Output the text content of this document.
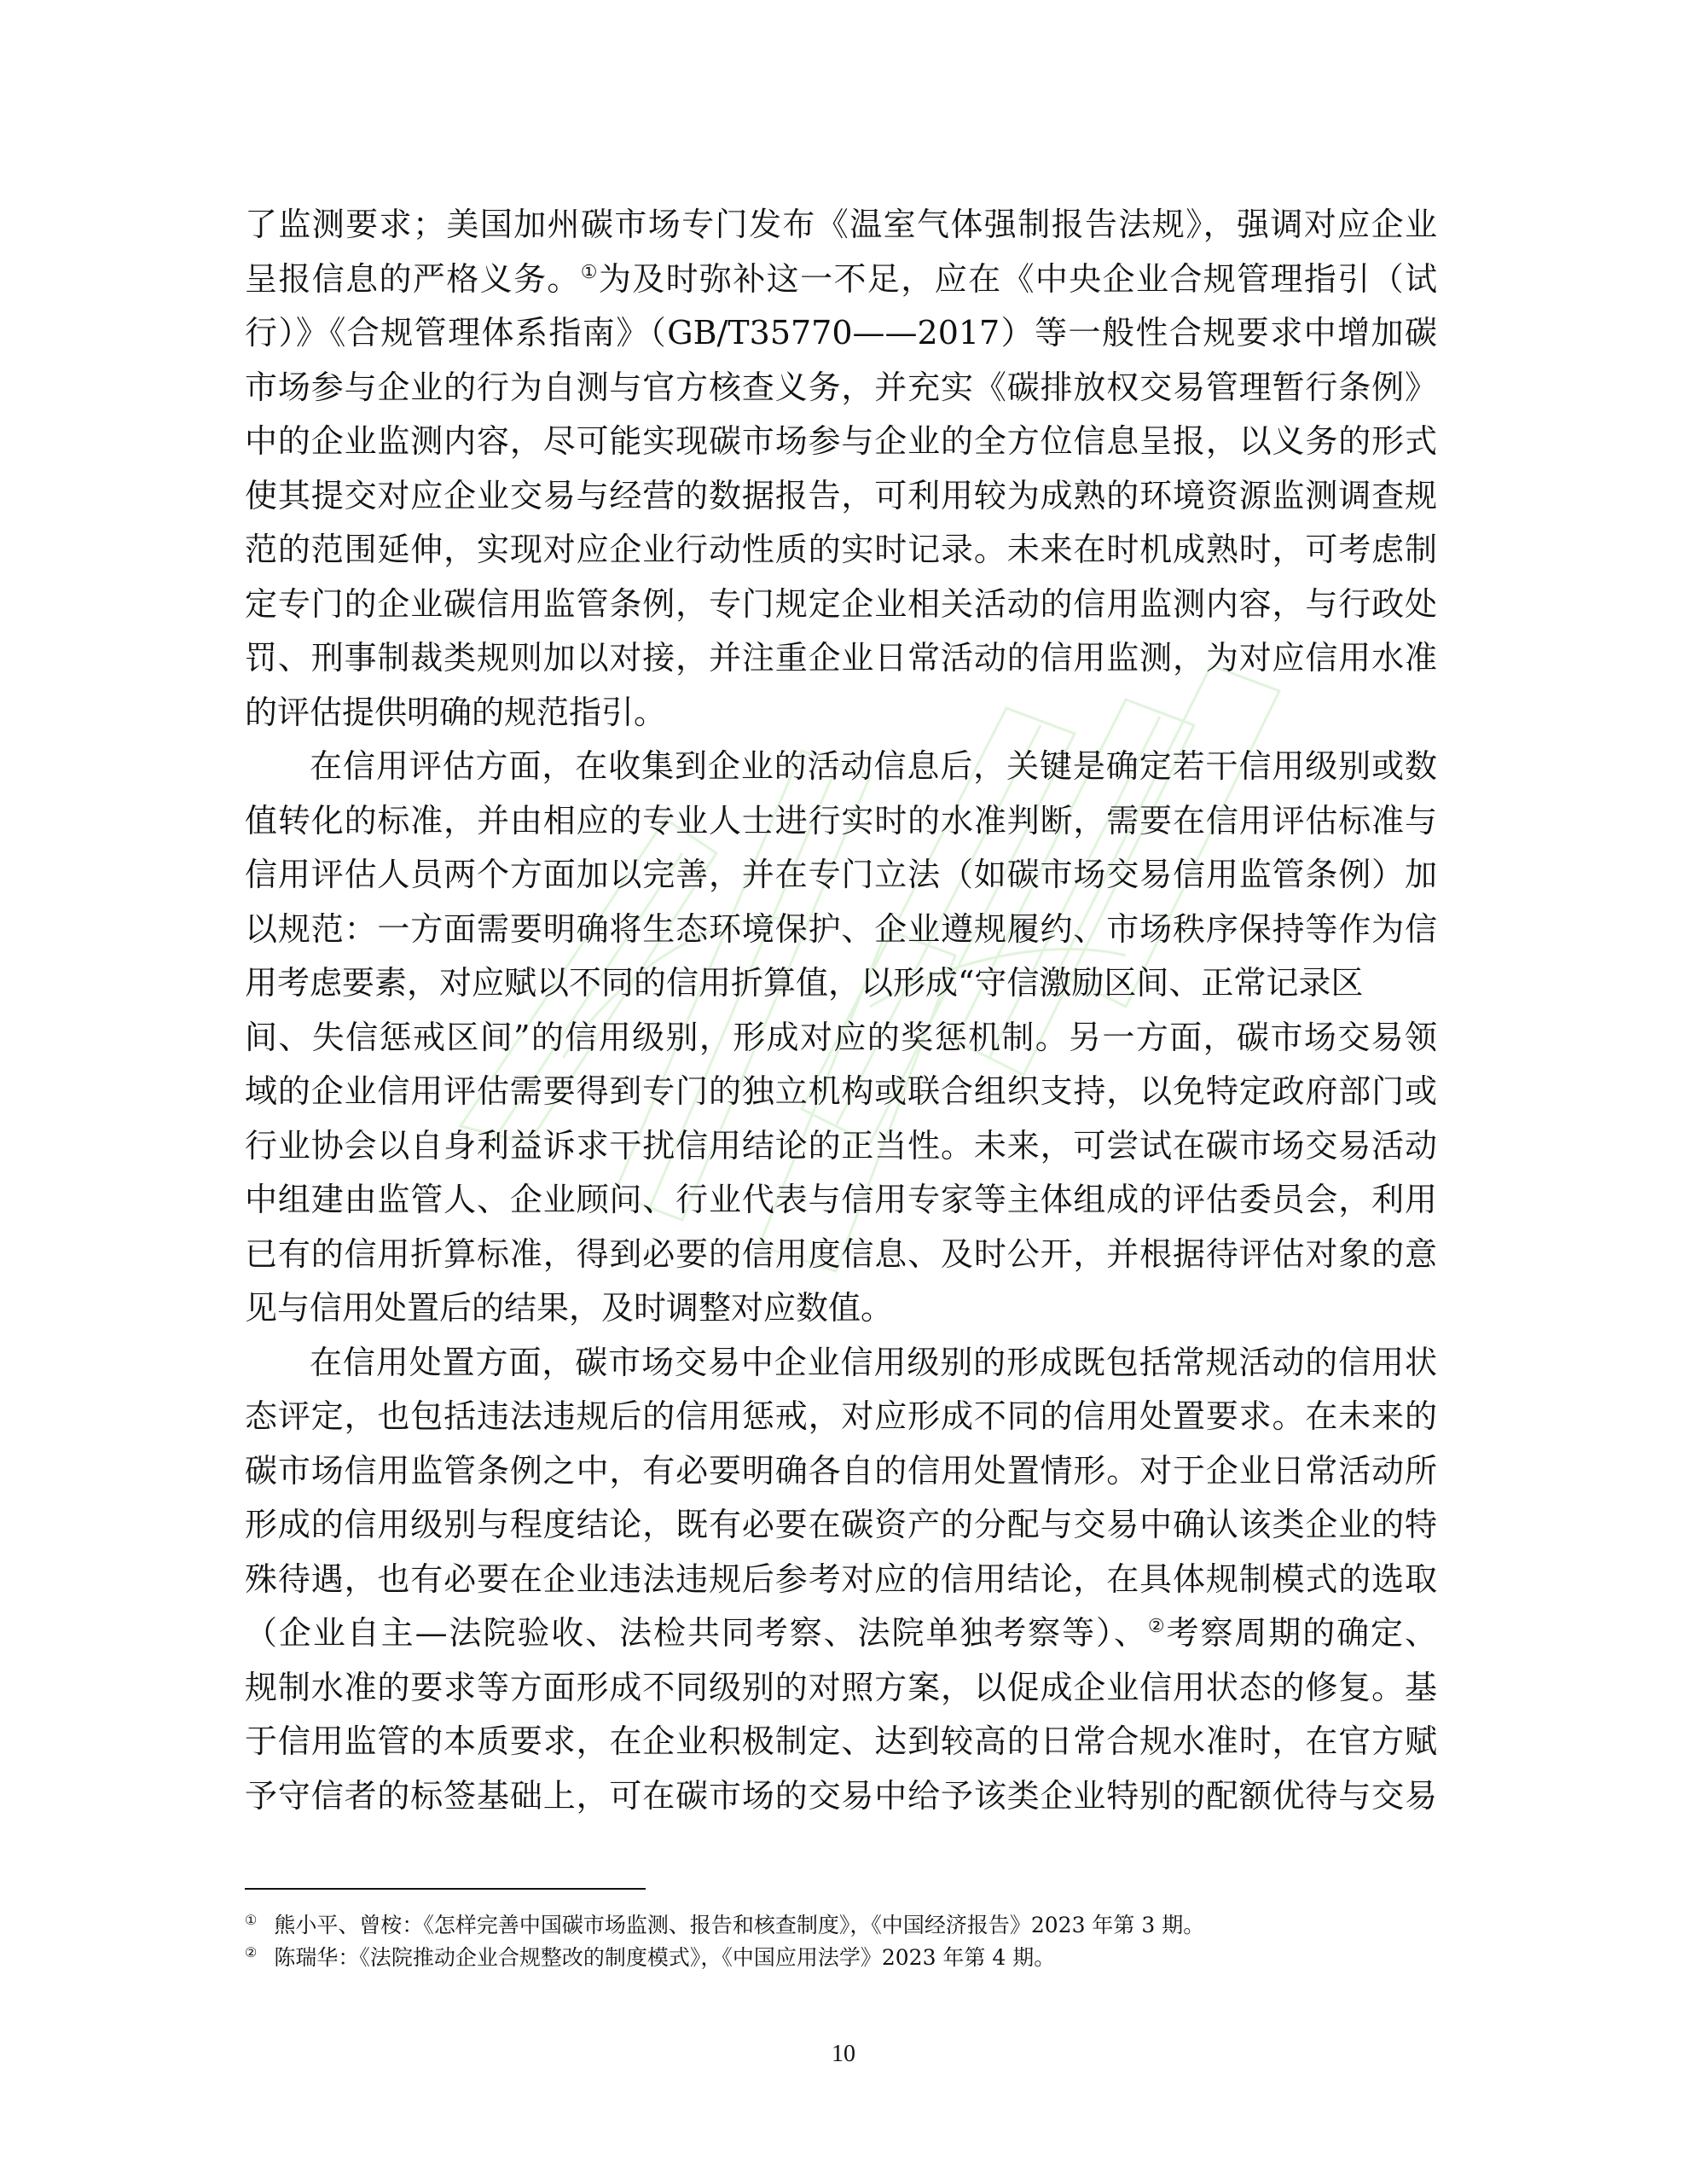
了监测要求；美国加州碳市场专门发布《温室气体强制报告法规》，强调对应企业
呈报信息的严格义务。①为及时弥补这一不足，应在《中央企业合规管理指引（试
行）》《合规管理体系指南》（GB/T35770——2017）等一般性合规要求中增加碳
市场参与企业的行为自测与官方核查义务，并充实《碳排放权交易管理暂行条例》
中的企业监测内容，尽可能实现碳市场参与企业的全方位信息呈报，以义务的形式
使其提交对应企业交易与经营的数据报告，可利用较为成熟的环境资源监测调查规
范的范围延伸，实现对应企业行动性质的实时记录。未来在时机成熟时，可考虑制
定专门的企业碳信用监管条例，专门规定企业相关活动的信用监测内容，与行政处
罚、刑事制裁类规则加以对接，并注重企业日常活动的信用监测，为对应信用水准
的评估提供明确的规范指引。
在信用评估方面，在收集到企业的活动信息后，关键是确定若干信用级别或数
值转化的标准，并由相应的专业人士进行实时的水准判断，需要在信用评估标准与
信用评估人员两个方面加以完善，并在专门立法（如碳市场交易信用监管条例）加
以规范：一方面需要明确将生态环境保护、企业遵规履约、市场秩序保持等作为信
用考虑要素，对应赋以不同的信用折算值，以形成“守信激励区间、正常记录区
间、失信惩戒区间”的信用级别，形成对应的奖惩机制。另一方面，碳市场交易领
域的企业信用评估需要得到专门的独立机构或联合组织支持，以免特定政府部门或
行业协会以自身利益诉求干扰信用结论的正当性。未来，可尝试在碳市场交易活动
中组建由监管人、企业顾问、行业代表与信用专家等主体组成的评估委员会，利用
已有的信用折算标准，得到必要的信用度信息、及时公开，并根据待评估对象的意
见与信用处置后的结果，及时调整对应数值。
在信用处置方面，碳市场交易中企业信用级别的形成既包括常规活动的信用状
态评定，也包括违法违规后的信用惩戒，对应形成不同的信用处置要求。在未来的
碳市场信用监管条例之中，有必要明确各自的信用处置情形。对于企业日常活动所
形成的信用级别与程度结论，既有必要在碳资产的分配与交易中确认该类企业的特
殊待遇，也有必要在企业违法违规后参考对应的信用结论，在具体规制模式的选取
（企业自主—法院验收、法检共同考察、法院单独考察等）、②考察周期的确定、
规制水准的要求等方面形成不同级别的对照方案，以促成企业信用状态的修复。基
于信用监管的本质要求，在企业积极制定、达到较高的日常合规水准时，在官方赋
予守信者的标签基础上，可在碳市场的交易中给予该类企业特别的配额优待与交易
① 熊小平、曾桉：《怎样完善中国碳市场监测、报告和核查制度》，《中国经济报告》2023 年第 3 期。
② 陈瑞华：《法院推动企业合规整改的制度模式》，《中国应用法学》2023 年第 4 期。
10
